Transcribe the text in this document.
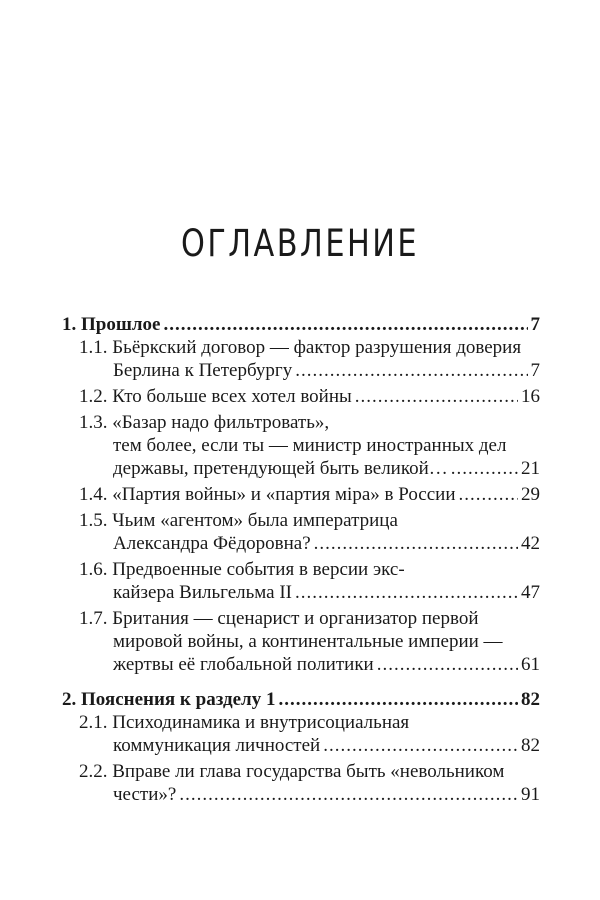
ОГЛАВЛЕНИЕ
1. Прошлое .....	7
1.1. Бьёркский договор — фактор разрушения доверия
Берлина к Петербургу .....	7
1.2. Кто больше всех хотел войны .....	16
1.3. «Базар надо фильтровать»,
тем более, если ты — министр иностранных дел
державы, претендующей быть великой… .....	21
1.4. «Партия войны» и «партия міра» в России .....	29
1.5. Чьим «агентом» была императрица
Александра Фёдоровна? .....	42
1.6. Предвоенные события в версии экс-
кайзера Вильгельма II .....	47
1.7. Британия — сценарист и организатор первой
мировой войны, а континентальные империи —
жертвы её глобальной политики .....	61
2. Пояснения к разделу 1 .....	82
2.1. Психодинамика и внутрисоциальная
коммуникация личностей .....	82
2.2. Вправе ли глава государства быть «невольником
чести»? .....	91
